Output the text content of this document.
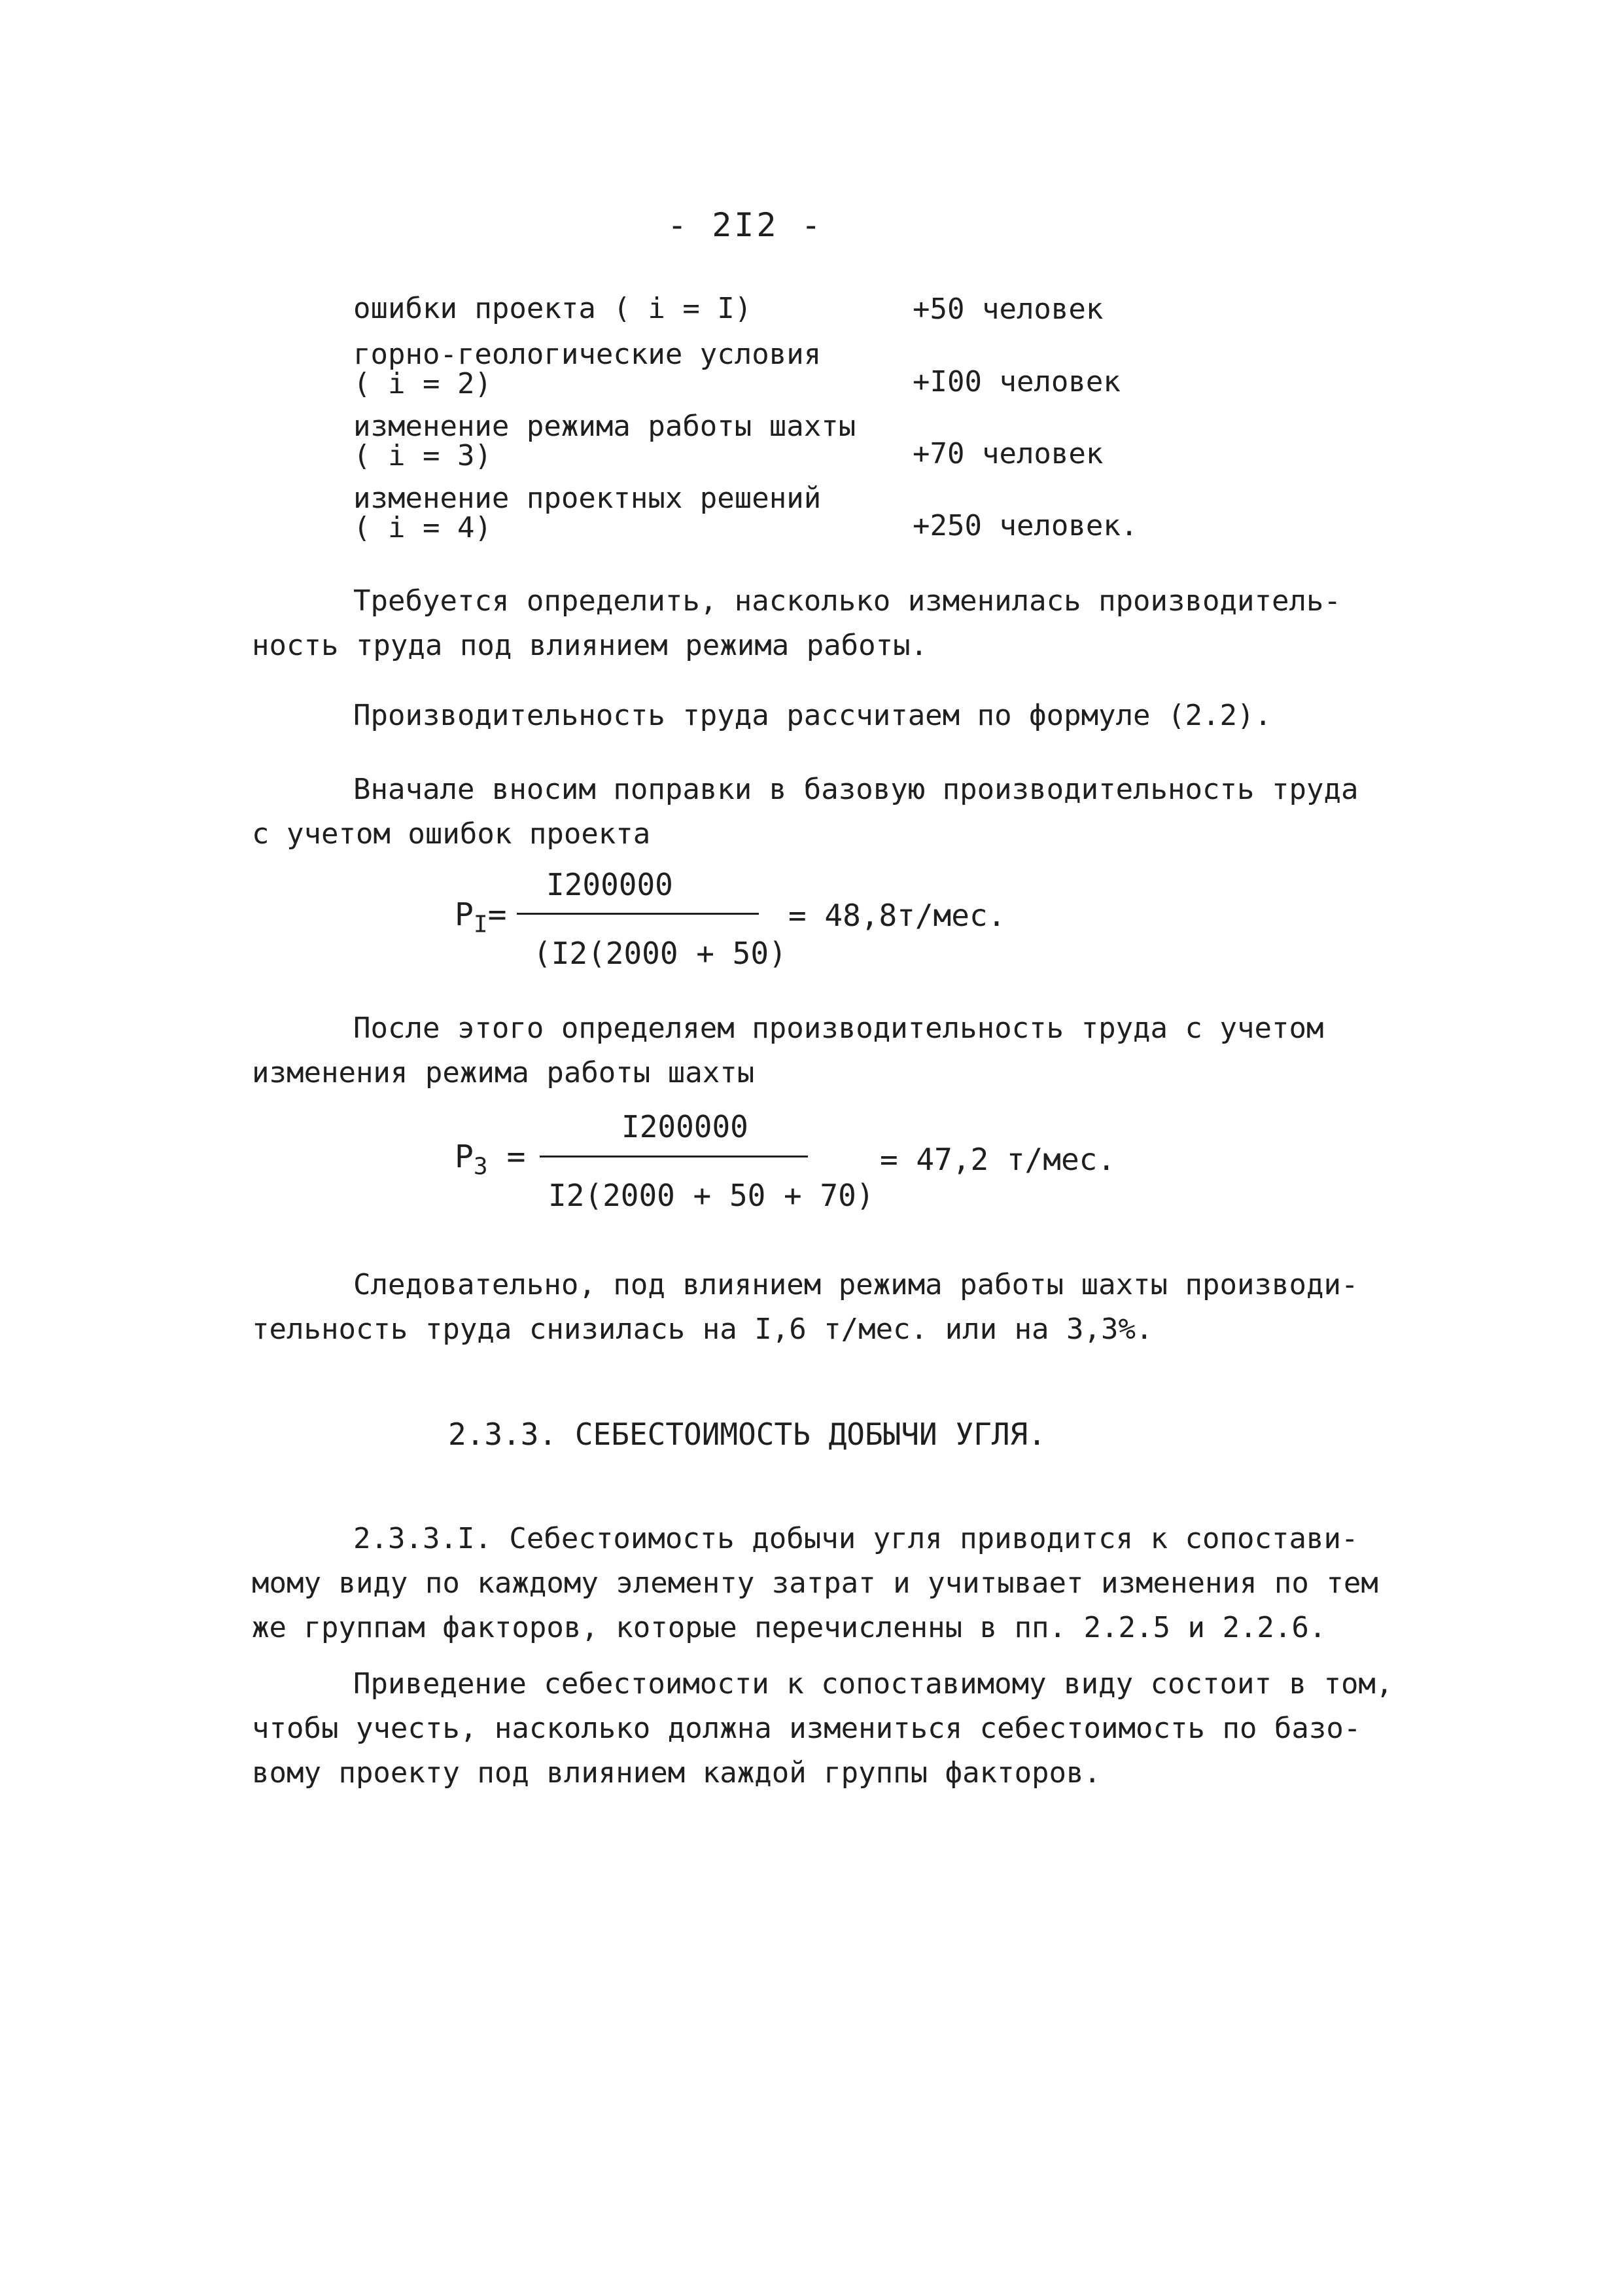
- 2I2 -
ошибки проекта ( i = I)	+50 человек
горно-геологические условия
( i = 2)	+I00 человек
изменение режима работы шахты
( i = 3)	+70 человек
изменение проектных решений
( i = 4)	+250 человек.
Требуется определить, насколько изменилась производитель-
ность труда под влиянием режима работы.
Производительность труда рассчитаем по формуле (2.2).
Вначале вносим поправки в базовую производительность труда
с учетом ошибок проекта
$P_I=$
I200000
(I2(2000 + 50)
= 48,8т/мес.
После этого определяем производительность труда с учетом
изменения режима работы шахты
$P_3$ =
I200000
I2(2000 + 50 + 70)
= 47,2 т/мес.
Следовательно, под влиянием режима работы шахты производи-
тельность труда снизилась на I,6 т/мес. или на 3,3%.
2.3.3. СЕБЕСТОИМОСТЬ ДОБЫЧИ УГЛЯ.
2.3.3.I. Себестоимость добычи угля приводится к сопостави-
мому виду по каждому элементу затрат и учитывает изменения по тем
же группам факторов, которые перечисленны в пп. 2.2.5 и 2.2.6.
Приведение себестоимости к сопоставимому виду состоит в том,
чтобы учесть, насколько должна измениться себестоимость по базо-
вому проекту под влиянием каждой группы факторов.
